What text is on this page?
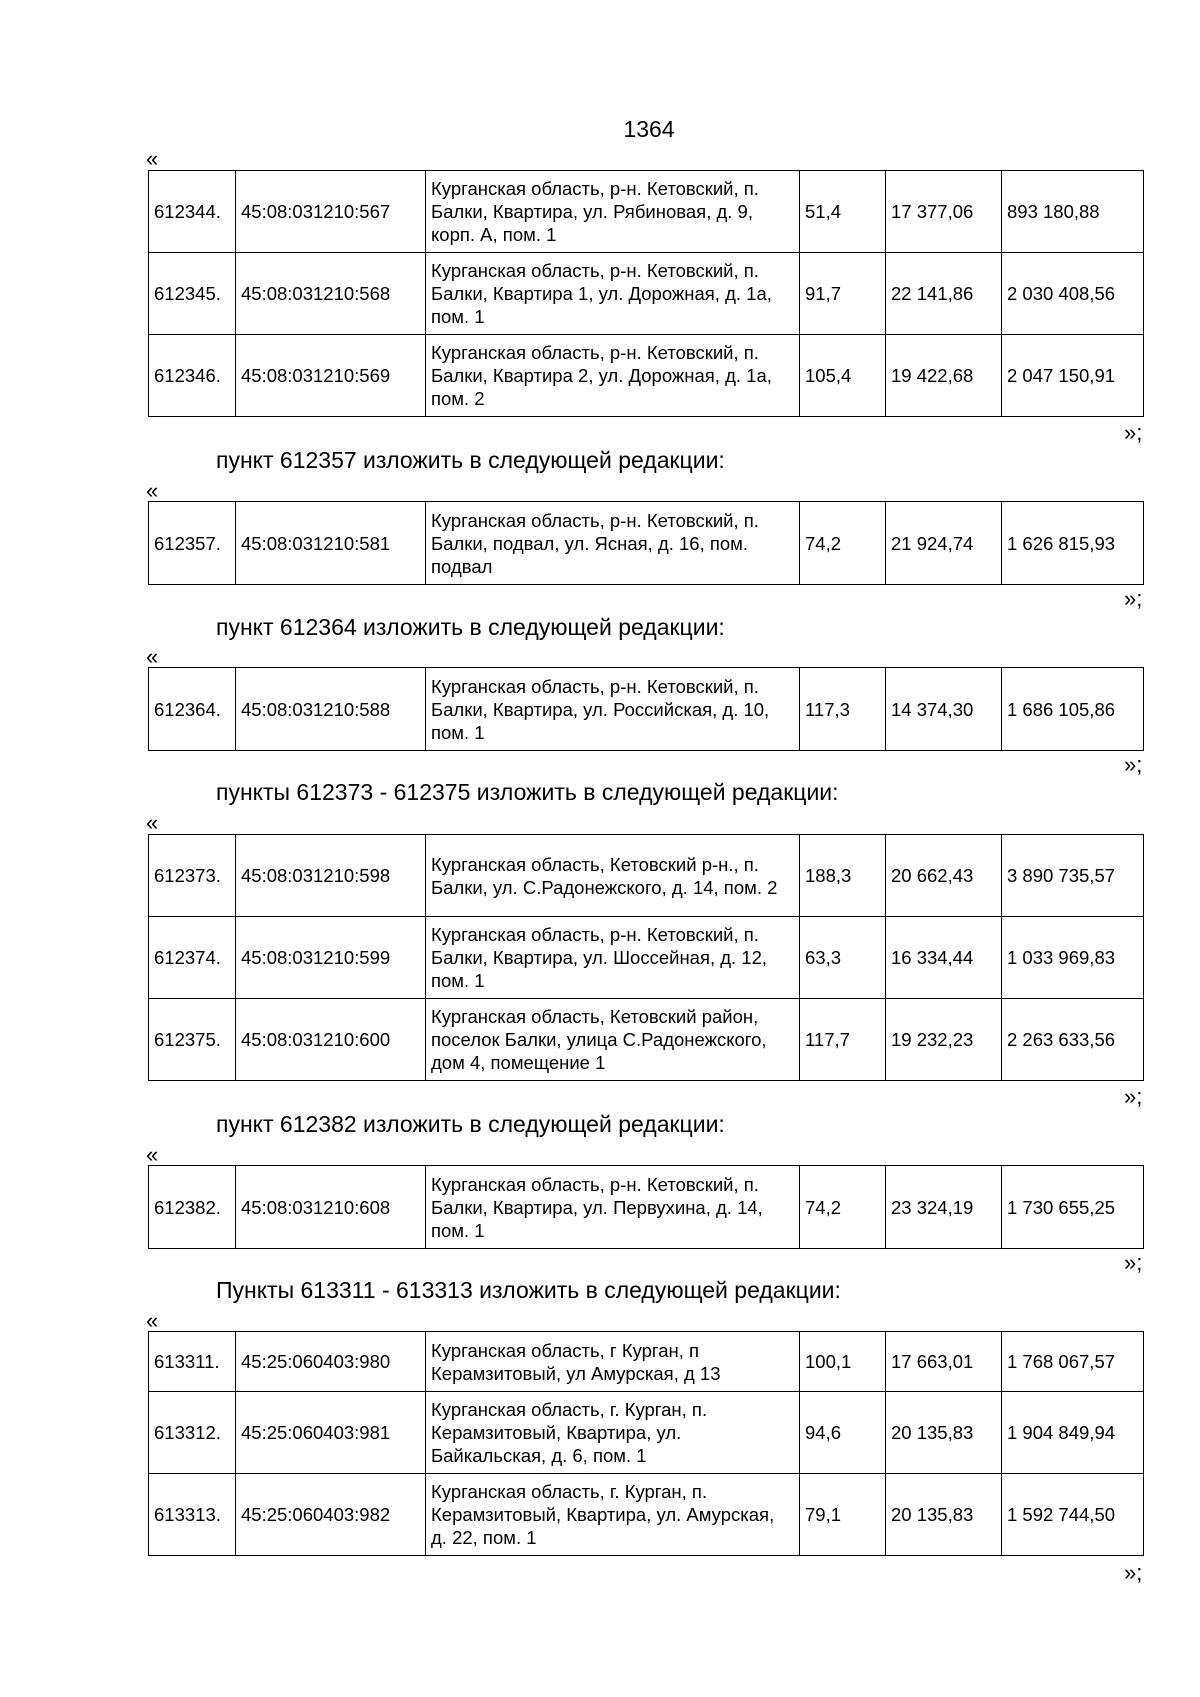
1364
«
612344.	45:08:031210:567	Курганская область, р-н. Кетовский, п. Балки, Квартира, ул. Рябиновая, д. 9, корп. А, пом. 1	51,4	17 377,06	893 180,88
612345.	45:08:031210:568	Курганская область, р-н. Кетовский, п. Балки, Квартира 1, ул. Дорожная, д. 1а, пом. 1	91,7	22 141,86	2 030 408,56
612346.	45:08:031210:569	Курганская область, р-н. Кетовский, п. Балки, Квартира 2, ул. Дорожная, д. 1а, пом. 2	105,4	19 422,68	2 047 150,91
»;
пункт 612357 изложить в следующей редакции:
«
612357.	45:08:031210:581	Курганская область, р-н. Кетовский, п. Балки, подвал, ул. Ясная, д. 16, пом. подвал	74,2	21 924,74	1 626 815,93
»;
пункт 612364 изложить в следующей редакции:
«
612364.	45:08:031210:588	Курганская область, р-н. Кетовский, п. Балки, Квартира, ул. Российская, д. 10, пом. 1	117,3	14 374,30	1 686 105,86
»;
пункты 612373 - 612375 изложить в следующей редакции:
«
612373.	45:08:031210:598	Курганская область, Кетовский р-н., п. Балки, ул. С.Радонежского, д. 14, пом. 2	188,3	20 662,43	3 890 735,57
612374.	45:08:031210:599	Курганская область, р-н. Кетовский, п. Балки, Квартира, ул. Шоссейная, д. 12, пом. 1	63,3	16 334,44	1 033 969,83
612375.	45:08:031210:600	Курганская область, Кетовский район, поселок Балки, улица С.Радонежского, дом 4, помещение 1	117,7	19 232,23	2 263 633,56
»;
пункт 612382 изложить в следующей редакции:
«
612382.	45:08:031210:608	Курганская область, р-н. Кетовский, п. Балки, Квартира, ул. Первухина, д. 14, пом. 1	74,2	23 324,19	1 730 655,25
»;
Пункты 613311 - 613313 изложить в следующей редакции:
«
613311.	45:25:060403:980	Курганская область, г Курган, п Керамзитовый, ул Амурская, д 13	100,1	17 663,01	1 768 067,57
613312.	45:25:060403:981	Курганская область, г. Курган, п. Керамзитовый, Квартира, ул. Байкальская, д. 6, пом. 1	94,6	20 135,83	1 904 849,94
613313.	45:25:060403:982	Курганская область, г. Курган, п. Керамзитовый, Квартира, ул. Амурская, д. 22, пом. 1	79,1	20 135,83	1 592 744,50
»;
